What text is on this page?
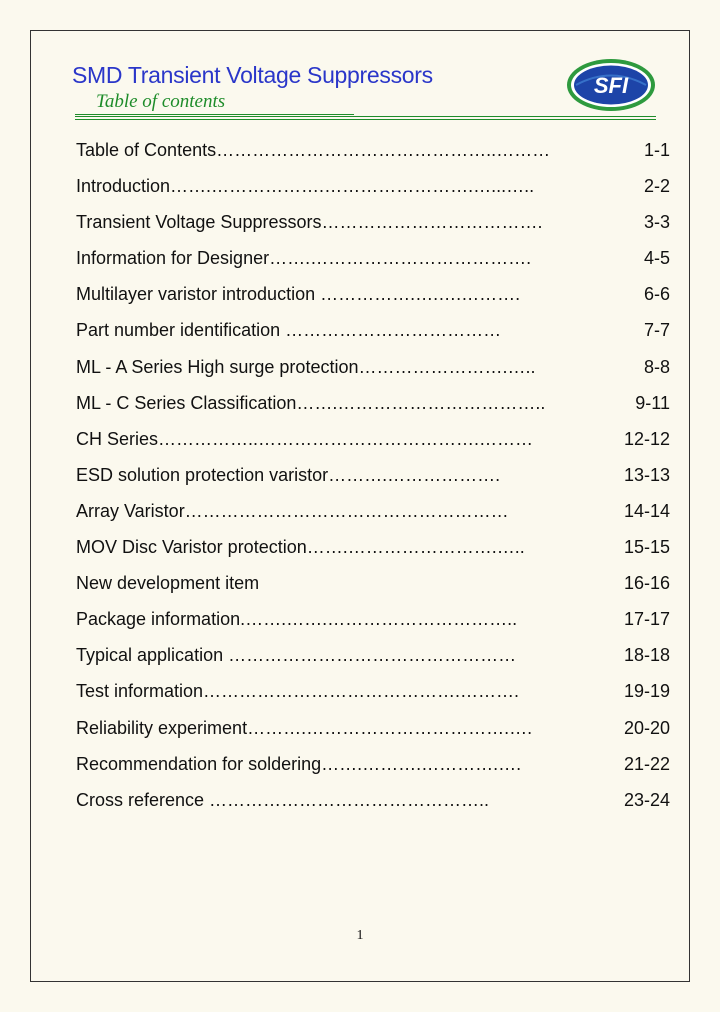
SMD Transient Voltage Suppressors
Table of contents
SFI
Table of Contents………………………………………..………	1-1
Introduction…….……………….…………………….…...…..	2-2
Transient Voltage Suppressors……………………………….	3-3
Information for Designer…….……………………………….	4-5
Multilayer varistor introduction …………….….….……….	6-6
Part number identification ………………………………	7-7
ML - A Series High surge protection…………………….…..	8-8
ML - C Series Classification…….……………………………..	9-11
CH Series……………..……………………………….………	12-12
ESD solution protection varistor……….……………….	13-13
Array Varistor………………………………………………	14-14
MOV Disc Varistor protection…….…………………….…..	15-15
New development item	16-16
Package information.…….…….…………………………..	17-17
Typical application …………………………………………	18-18
Test information…………………………………….……….	19-19
Reliability experiment……….…………………………….….	20-20
Recommendation for soldering…….……….………….….	21-22
Cross reference ………………………………………..	23-24
1
